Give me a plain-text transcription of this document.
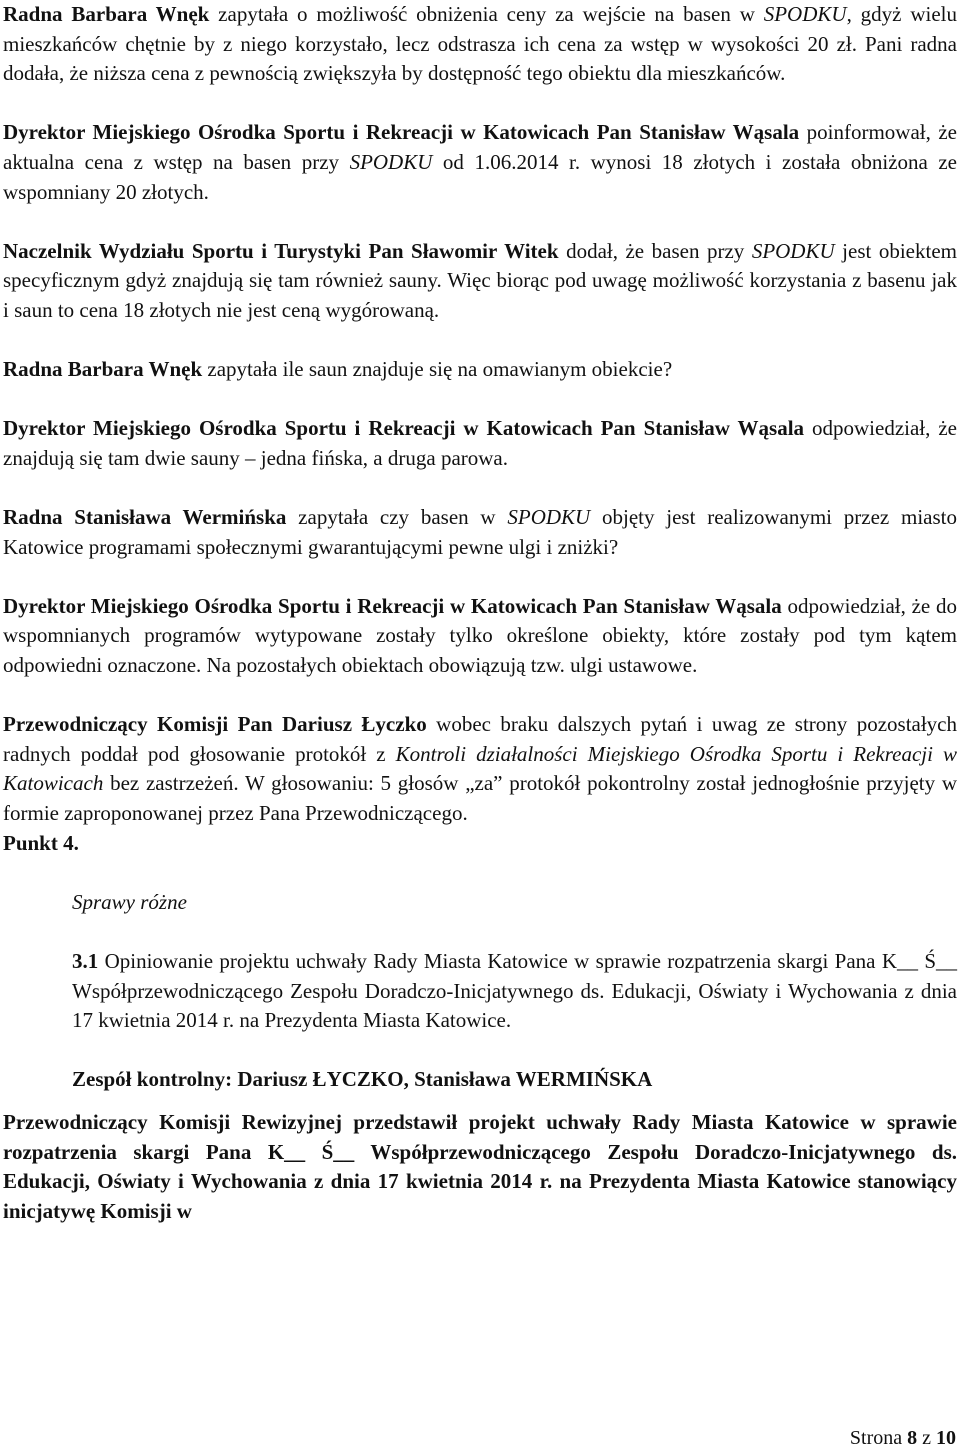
Radna Barbara Wnęk zapytała o możliwość obniżenia ceny za wejście na basen w SPODKU, gdyż wielu mieszkańców chętnie by z niego korzystało, lecz odstrasza ich cena za wstęp w wysokości 20 zł. Pani radna dodała, że niższa cena z pewnością zwiększyła by dostępność tego obiektu dla mieszkańców.

Dyrektor Miejskiego Ośrodka Sportu i Rekreacji w Katowicach Pan Stanisław Wąsala poinformował, że aktualna cena z wstęp na basen przy SPODKU od 1.06.2014 r. wynosi 18 złotych i została obniżona ze wspomniany 20 złotych.

Naczelnik Wydziału Sportu i Turystyki Pan Sławomir Witek dodał, że basen przy SPODKU jest obiektem specyficznym gdyż znajdują się tam również sauny. Więc biorąc pod uwagę możliwość korzystania z basenu jak i saun to cena 18 złotych nie jest ceną wygórowaną.

Radna Barbara Wnęk zapytała ile saun znajduje się na omawianym obiekcie?

Dyrektor Miejskiego Ośrodka Sportu i Rekreacji w Katowicach Pan Stanisław Wąsala odpowiedział, że znajdują się tam dwie sauny – jedna fińska, a druga parowa.

Radna Stanisława Wermińska zapytała czy basen w SPODKU objęty jest realizowanymi przez miasto Katowice programami społecznymi gwarantującymi pewne ulgi i zniżki?

Dyrektor Miejskiego Ośrodka Sportu i Rekreacji w Katowicach Pan Stanisław Wąsala odpowiedział, że do wspomnianych programów wytypowane zostały tylko określone obiekty, które zostały pod tym kątem odpowiedni oznaczone. Na pozostałych obiektach obowiązują tzw. ulgi ustawowe.

Przewodniczący Komisji Pan Dariusz Łyczko wobec braku dalszych pytań i uwag ze strony pozostałych radnych poddał pod głosowanie protokół z Kontroli działalności Miejskiego Ośrodka Sportu i Rekreacji w Katowicach bez zastrzeżeń. W głosowaniu: 5 głosów „za” protokół pokontrolny został jednogłośnie przyjęty w formie zaproponowanej przez Pana Przewodniczącego.

Punkt 4.

Sprawy różne

3.1 Opiniowanie projektu uchwały Rady Miasta Katowice w sprawie rozpatrzenia skargi Pana K__ Ś__ Współprzewodniczącego Zespołu Doradczo-Inicjatywnego ds. Edukacji, Oświaty i Wychowania z dnia 17 kwietnia 2014 r. na Prezydenta Miasta Katowice.

Zespół kontrolny: Dariusz ŁYCZKO, Stanisława WERMIŃSKA

Przewodniczący Komisji Rewizyjnej przedstawił projekt uchwały Rady Miasta Katowice w sprawie rozpatrzenia skargi Pana K__ Ś__ Współprzewodniczącego Zespołu Doradczo-Inicjatywnego ds. Edukacji, Oświaty i Wychowania z dnia 17 kwietnia 2014 r. na Prezydenta Miasta Katowice stanowiący inicjatywę Komisji w

Strona 8 z 10
